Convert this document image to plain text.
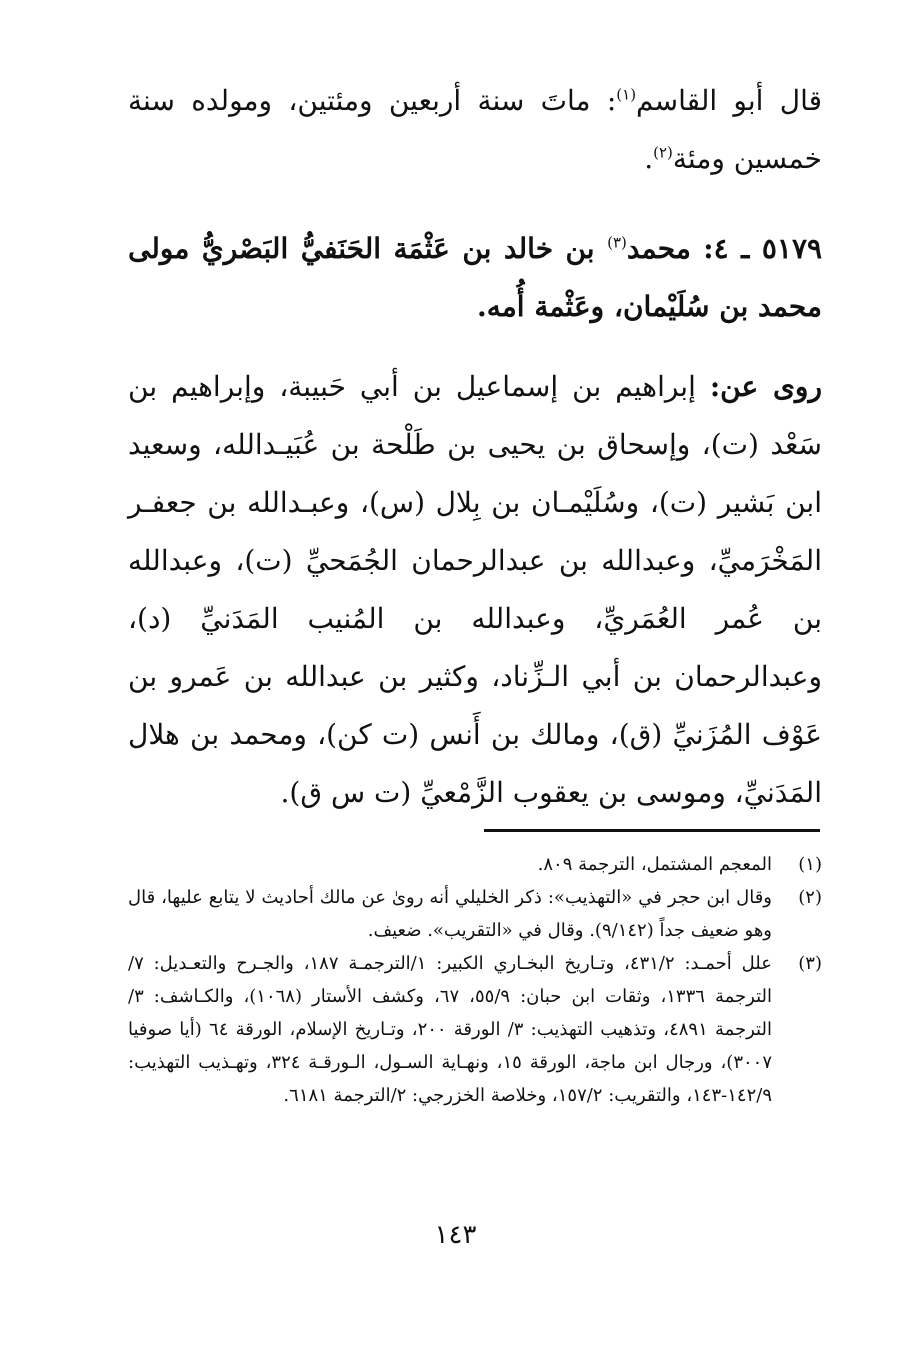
قال أبو القاسم$^{(١)}$: ماتَ سنة أربعين ومئتين، ومولده سنة خمسين ومئة$^{(٢)}$.

٥١٧٩ ـ ٤: محمد$^{(٣)}$ بن خالد بن عَثْمَة الحَنَفيُّ البَصْريُّ مولى محمد بن سُلَيْمان، وعَثْمة أُمه.

روى عن: إبراهيم بن إسماعيل بن أبي حَبيبة، وإبراهيم بن سَعْد (ت)، وإسحاق بن يحيى بن طَلْحة بن عُبَيـدالله، وسعيد ابن بَشير (ت)، وسُلَيْمـان بن بِلال (س)، وعبـدالله بن جعفـر المَخْرَميِّ، وعبدالله بن عبدالرحمان الجُمَحيِّ (ت)، وعبدالله بن عُمر العُمَريِّ، وعبدالله بن المُنيب المَدَنيِّ (د)، وعبدالرحمان بن أبي الـزِّناد، وكثير بن عبدالله بن عَمرو بن عَوْف المُزَنيِّ (ق)، ومالك بن أَنس (ت كن)، ومحمد بن هلال المَدَنيِّ، وموسى بن يعقوب الزَّمْعيِّ (ت س ق).

(١)
المعجم المشتمل، الترجمة ٨٠٩.
(٢)
وقال ابن حجر في «التهذيب»: ذكر الخليلي أنه روىٰ عن مالك أحاديث لا يتابع عليها، قال وهو ضعيف جداً (٩/١٤٢). وقال في «التقريب». ضعيف.
(٣)
علل أحمـد: ٤٣١/٢، وتـاريخ البخـاري الكبير: ١/الترجمـة ١٨٧، والجـرح والتعـديل: ٧/الترجمة ١٣٣٦، وثقات ابن حبان: ٥٥/٩، ٦٧، وكشف الأستار (١٠٦٨)، والكـاشف: ٣/الترجمة ٤٨٩١، وتذهيب التهذيب: ٣/ الورقة ٢٠٠، وتـاريخ الإسلام، الورقة ٦٤ (أيا صوفيا ٣٠٠٧)، ورجال ابن ماجة، الورقة ١٥، ونهـاية السـول، الـورقـة ٣٢٤، وتهـذيب التهذيب: ١٤٢/٩-١٤٣، والتقريب: ١٥٧/٢، وخلاصة الخزرجي: ٢/الترجمة ٦١٨١.
١٤٣
